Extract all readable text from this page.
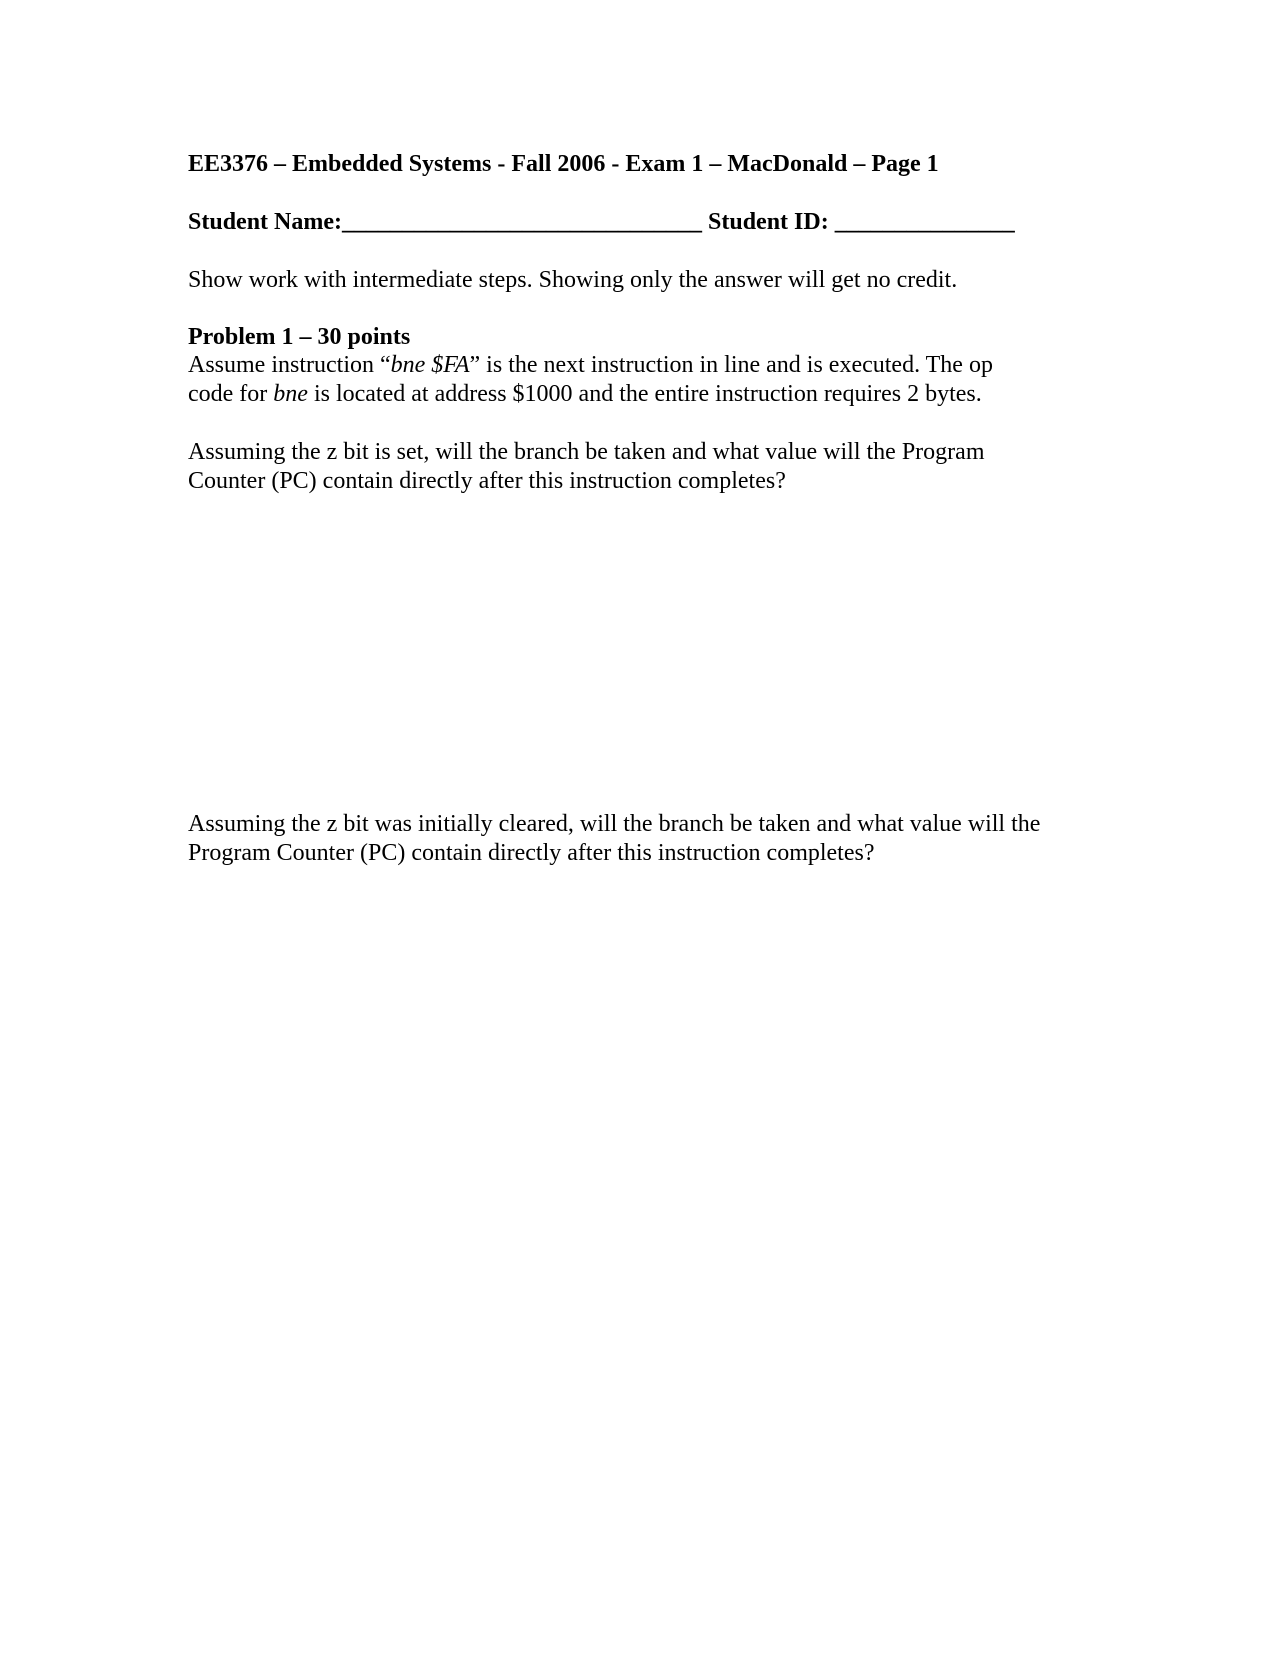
EE3376 – Embedded Systems - Fall 2006 - Exam 1 – MacDonald – Page 1
Student Name:______________________________ Student ID: _______________
Show work with intermediate steps. Showing only the answer will get no credit.
Problem 1 – 30 points
Assume instruction “bne $FA” is the next instruction in line and is executed. The op
code for bne is located at address $1000 and the entire instruction requires 2 bytes.
Assuming the z bit is set, will the branch be taken and what value will the Program
Counter (PC) contain directly after this instruction completes?
Assuming the z bit was initially cleared, will the branch be taken and what value will the
Program Counter (PC) contain directly after this instruction completes?
